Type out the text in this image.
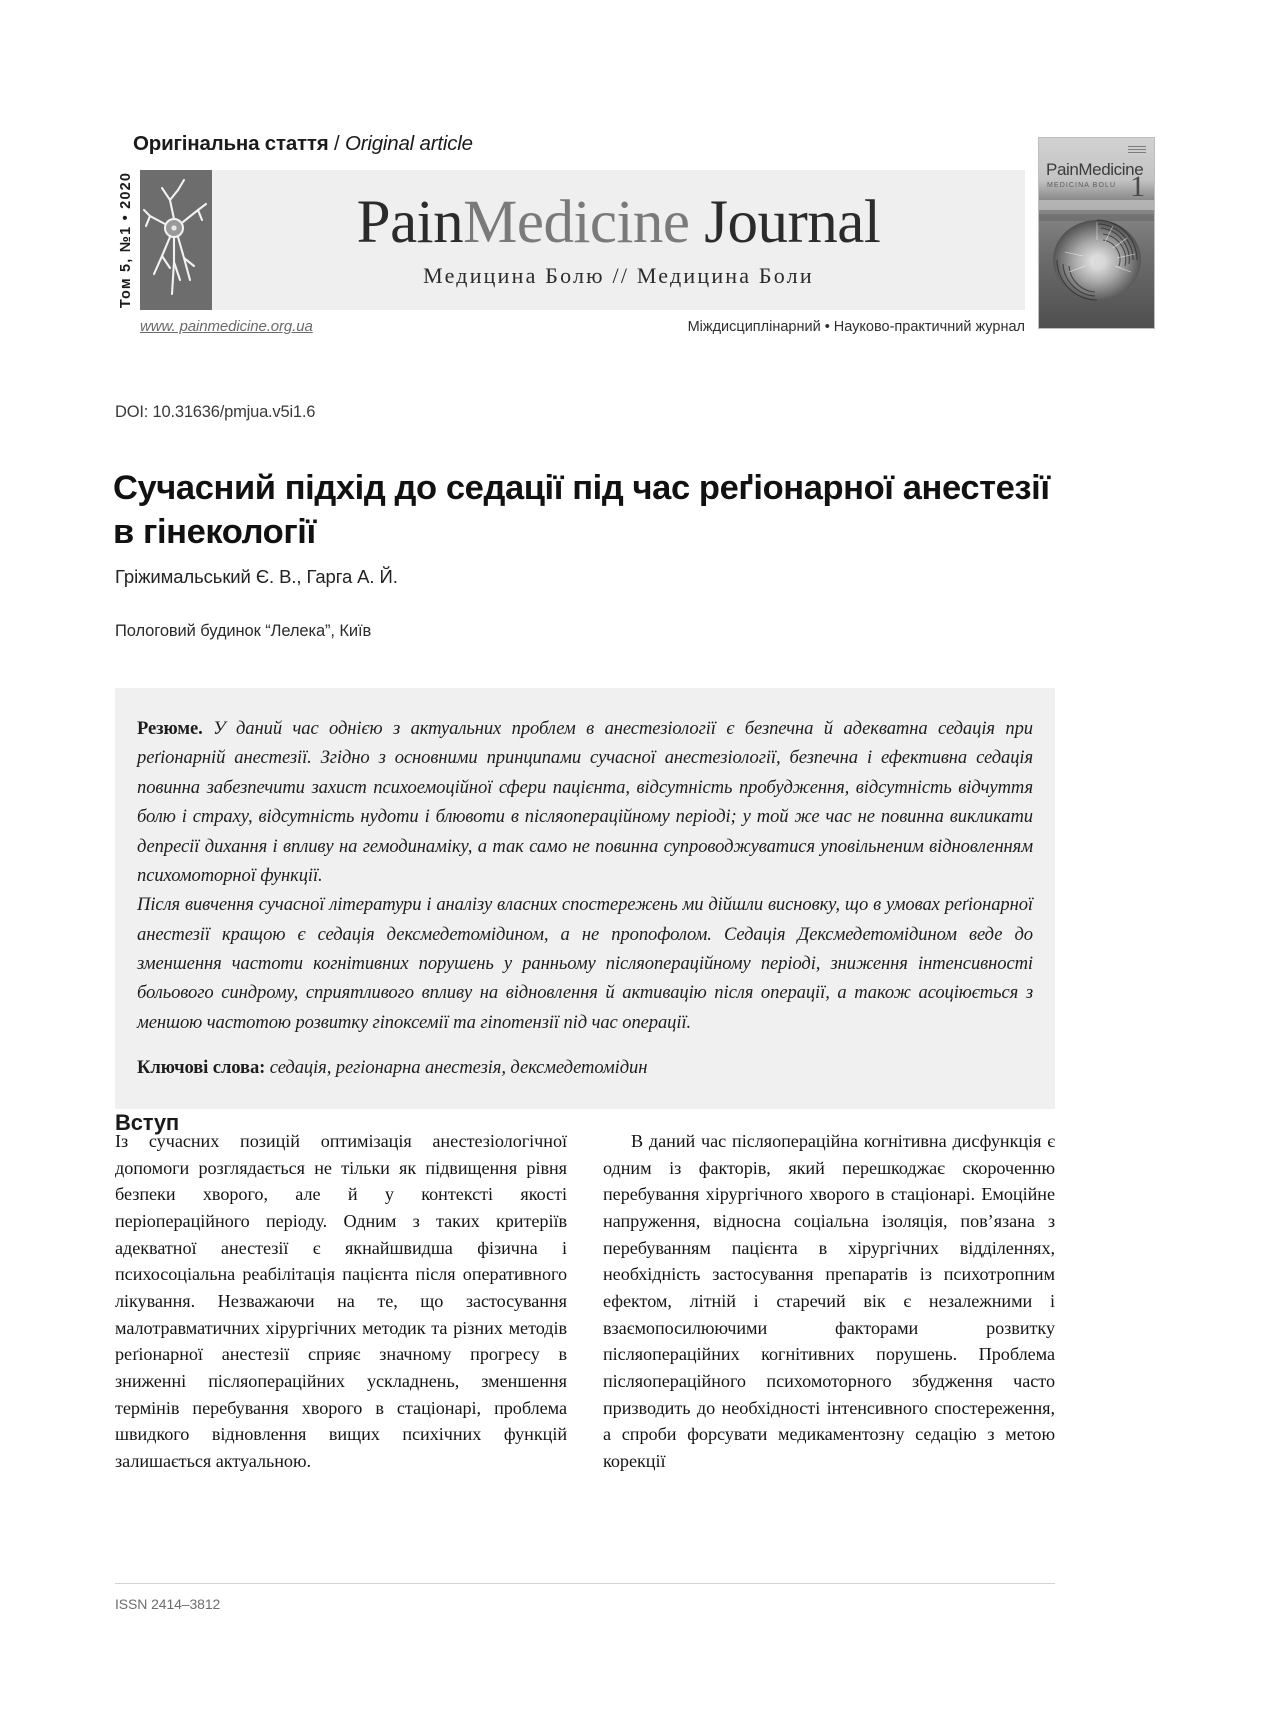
Оригінальна стаття / Original article
Том 5, №1 • 2020	PainMedicine Journal
Медицина Болю // Медицина Боли
PainMedicine
MEDICINA BOLU 1
www. painmedicine.org.ua	Міждисциплінарний • Науково-практичний журнал
DOI: 10.31636/pmjua.v5i1.6
Сучасний підхід до седації під час реґіонарної анестезії в гінекології
Гріжимальський Є. В., Гарга А. Й.
Пологовий будинок “Лелека”, Київ

Резюме. У даний час однією з актуальних проблем в анестезіології є безпечна й адекватна седація при реґіонарній анестезії. Згідно з основними принципами сучасної анестезіології, безпечна і ефективна седація повинна забезпечити захист психоемоційної сфери пацієнта, відсутність пробудження, відсутність відчуття болю і страху, відсутність нудоти і блювоти в післяопераційному періоді; у той же час не повинна викликати депресії дихання і впливу на гемодинаміку, а так само не повинна супроводжуватися уповільненим відновленням психомоторної функції.

Після вивчення сучасної літератури і аналізу власних спостережень ми дійшли висновку, що в умовах реґіонарної анестезії кращою є седація дексмедетомідином, а не пропофолом. Седація Дексмедетомідином веде до зменшення частоти когнітивних порушень у ранньому післяопераційному періоді, зниження інтенсивності больового синдрому, сприятливого впливу на відновлення й активацію після операції, а також асоціюється з меншою частотою розвитку гіпоксемії та гіпотензії під час операції.

Ключові слова: седація, регіонарна анестезія, дексмедетомідин

Вступ

Із сучасних позицій оптимізація анестезіологічної допомоги розглядається не тільки як підвищення рівня безпеки хворого, але й у контексті якості періопераційного періоду. Одним з таких критеріїв адекватної анестезії є якнайшвидша фізична і психосоціальна реабілітація пацієнта після оперативного лікування. Незважаючи на те, що застосування малотравматичних хірургічних методик та різних методів реґіонарної анестезії сприяє значному прогресу в зниженні післяопераційних ускладнень, зменшення термінів перебування хворого в стаціонарі, проблема швидкого відновлення вищих психічних функцій залишається актуальною.

В даний час післяопераційна когнітивна дисфункція є одним із факторів, який перешкоджає скороченню перебування хірургічного хворого в стаціонарі. Емоційне напруження, відносна соціальна ізоляція, пов’язана з перебуванням пацієнта в хірургічних відділеннях, необхідність застосування препаратів із психотропним ефектом, літній і старечий вік є незалежними і взаємопосилюючими факторами розвитку післяопераційних когнітивних порушень. Проблема післяопераційного психомоторного збудження часто призводить до необхідності інтенсивного спостереження, а спроби форсувати медикаментозну седацію з метою корекції

ISSN 2414–3812
